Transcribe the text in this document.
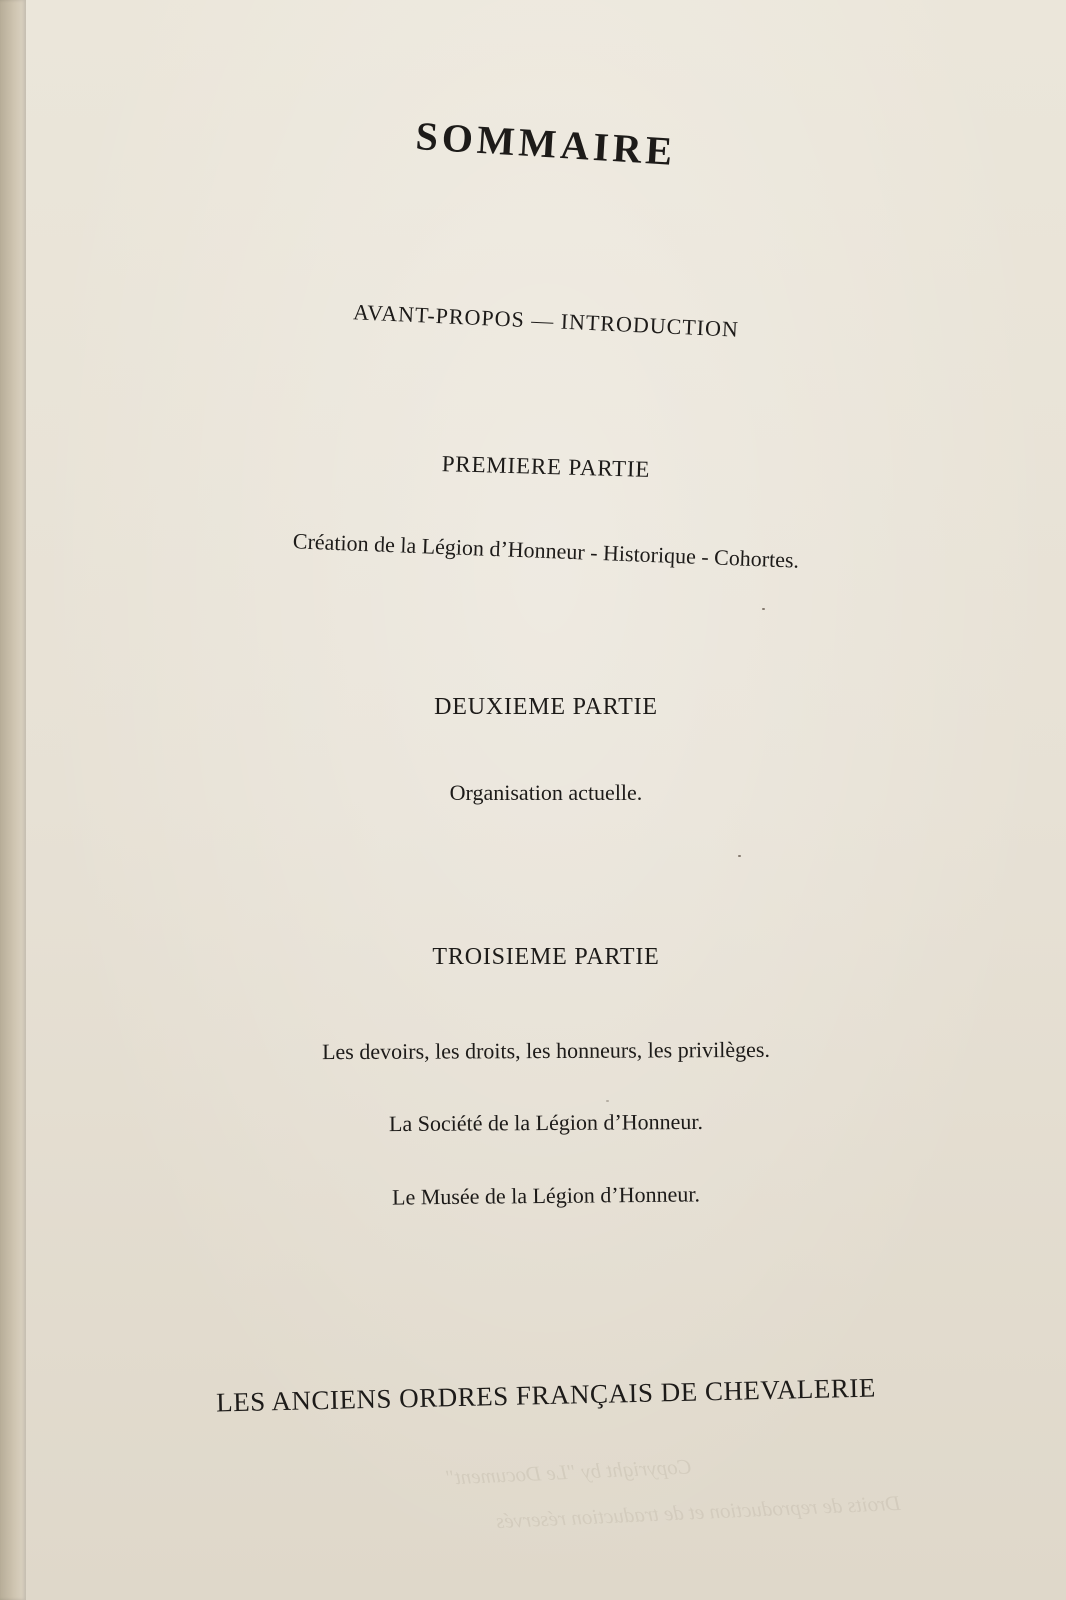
SOMMAIRE
AVANT-PROPOS — INTRODUCTION
PREMIERE PARTIE
Création de la Légion d’Honneur - Historique - Cohortes.
DEUXIEME PARTIE
Organisation actuelle.
TROISIEME PARTIE
Les devoirs, les droits, les honneurs, les privilèges.
La Société de la Légion d’Honneur.
Le Musée de la Légion d’Honneur.
LES ANCIENS ORDRES FRANÇAIS DE CHEVALERIE
Copyright by "Le Document"
Droits de reproduction et de traduction réservés
